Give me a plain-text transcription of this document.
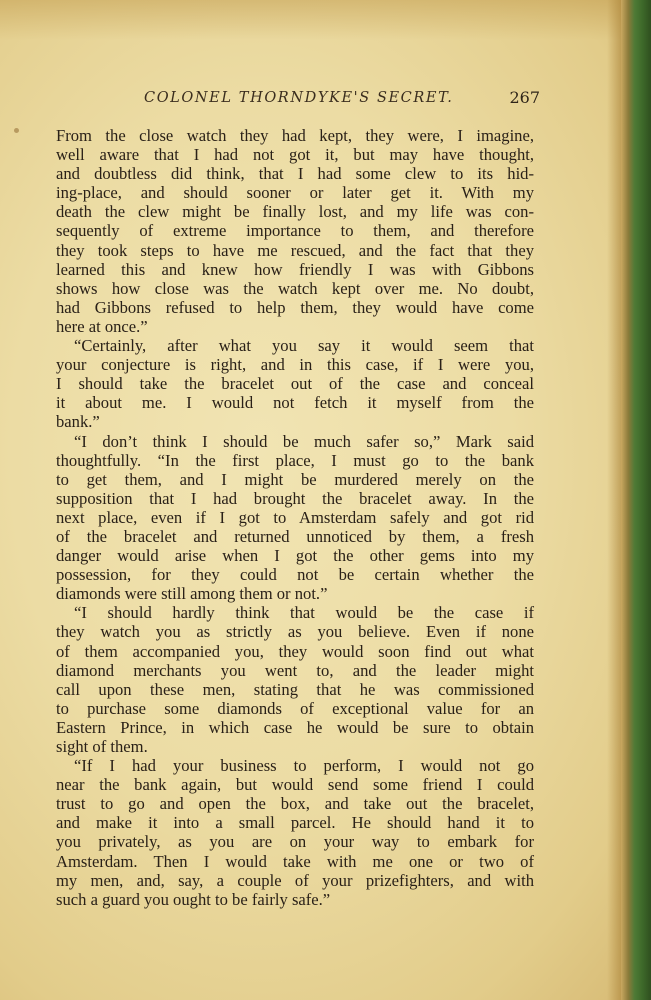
COLONEL THORNDYKE'S SECRET.	267
From the close watch they had kept, they were, I imagine,
well aware that I had not got it, but may have thought,
and doubtless did think, that I had some clew to its hid-
ing-place, and should sooner or later get it. With my
death the clew might be finally lost, and my life was con-
sequently of extreme importance to them, and therefore
they took steps to have me rescued, and the fact that they
learned this and knew how friendly I was with Gibbons
shows how close was the watch kept over me. No doubt,
had Gibbons refused to help them, they would have come
here at once.”
“Certainly, after what you say it would seem that
your conjecture is right, and in this case, if I were you,
I should take the bracelet out of the case and conceal
it about me. I would not fetch it myself from the
bank.”
“I don’t think I should be much safer so,” Mark said
thoughtfully. “In the first place, I must go to the bank
to get them, and I might be murdered merely on the
supposition that I had brought the bracelet away. In the
next place, even if I got to Amsterdam safely and got rid
of the bracelet and returned unnoticed by them, a fresh
danger would arise when I got the other gems into my
possession, for they could not be certain whether the
diamonds were still among them or not.”
“I should hardly think that would be the case if
they watch you as strictly as you believe. Even if none
of them accompanied you, they would soon find out what
diamond merchants you went to, and the leader might
call upon these men, stating that he was commissioned
to purchase some diamonds of exceptional value for an
Eastern Prince, in which case he would be sure to obtain
sight of them.
“If I had your business to perform, I would not go
near the bank again, but would send some friend I could
trust to go and open the box, and take out the bracelet,
and make it into a small parcel. He should hand it to
you privately, as you are on your way to embark for
Amsterdam. Then I would take with me one or two of
my men, and, say, a couple of your prizefighters, and with
such a guard you ought to be fairly safe.”
